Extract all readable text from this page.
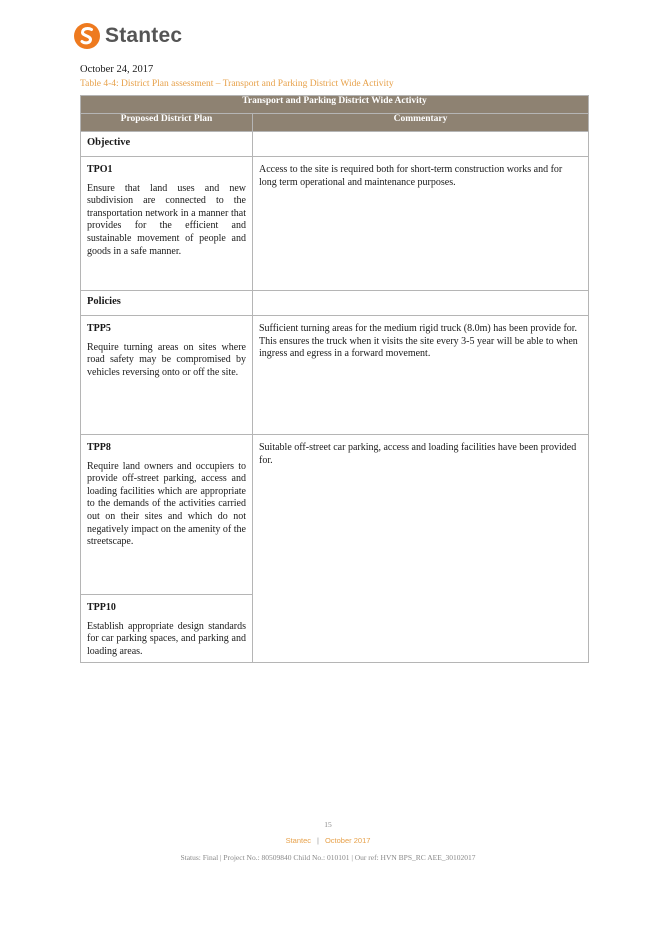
Stantec
October 24, 2017
Table 4-4: District Plan assessment – Transport and Parking District Wide Activity
Transport and Parking District Wide Activity	
Proposed District Plan	Commentary
Objective	

TPO1
Ensure that land uses and new subdivision are connected to the transportation network in a manner that provides for the efficient and sustainable movement of people and goods in a safe manner.	Access to the site is required both for short-term construction works and for long term operational and maintenance purposes.
Policies	

TPP5
Require turning areas on sites where road safety may be compromised by vehicles reversing onto or off the site.	Sufficient turning areas for the medium rigid truck (8.0m) has been provide for. This ensures the truck when it visits the site every 3-5 year will be able to when ingress and egress in a forward movement.

TPP8
Require land owners and occupiers to provide off-street parking, access and loading facilities which are appropriate to the demands of the activities carried out on their sites and which do not negatively impact on the amenity of the streetscape.	Suitable off-street car parking, access and loading facilities have been provided for.

TPP10
Establish appropriate design standards for car parking spaces, and parking and loading areas.	
15
Stantec | October 2017
Status: Final | Project No.: 80509840 Child No.: 010101 | Our ref: HVN BPS_RC AEE_30102017
